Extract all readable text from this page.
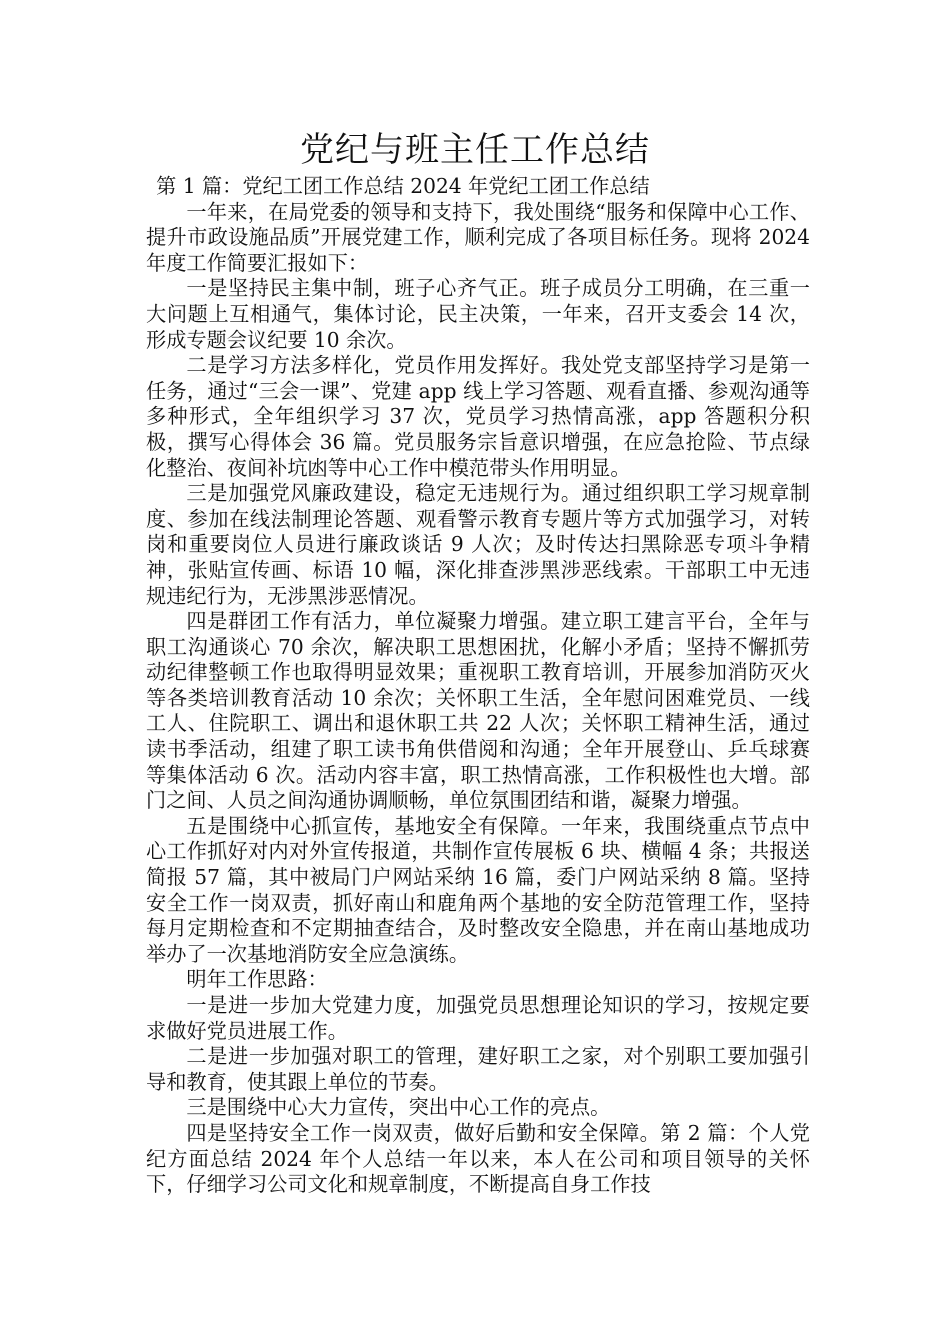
党纪与班主任工作总结

第 1 篇：党纪工团工作总结 2024 年党纪工团工作总结

一年来，在局党委的领导和支持下，我处围绕“服务和保障中心工作、提升市政设施品质”开展党建工作，顺利完成了各项目标任务。现将 2024 年度工作简要汇报如下：

一是坚持民主集中制，班子心齐气正。班子成员分工明确，在三重一大问题上互相通气，集体讨论，民主决策，一年来，召开支委会 14 次，形成专题会议纪要 10 余次。

二是学习方法多样化，党员作用发挥好。我处党支部坚持学习是第一任务，通过“三会一课”、党建 app 线上学习答题、观看直播、参观沟通等多种形式，全年组织学习 37 次，党员学习热情高涨，app 答题积分积极，撰写心得体会 36 篇。党员服务宗旨意识增强，在应急抢险、节点绿化整治、夜间补坑凼等中心工作中模范带头作用明显。

三是加强党风廉政建设，稳定无违规行为。通过组织职工学习规章制度、参加在线法制理论答题、观看警示教育专题片等方式加强学习，对转岗和重要岗位人员进行廉政谈话 9 人次；及时传达扫黑除恶专项斗争精神，张贴宣传画、标语 10 幅，深化排查涉黑涉恶线索。干部职工中无违规违纪行为，无涉黑涉恶情况。

四是群团工作有活力，单位凝聚力增强。建立职工建言平台，全年与职工沟通谈心 70 余次，解决职工思想困扰，化解小矛盾；坚持不懈抓劳动纪律整顿工作也取得明显效果；重视职工教育培训，开展参加消防灭火等各类培训教育活动 10 余次；关怀职工生活，全年慰问困难党员、一线工人、住院职工、调出和退休职工共 22 人次；关怀职工精神生活，通过读书季活动，组建了职工读书角供借阅和沟通；全年开展登山、乒乓球赛等集体活动 6 次。活动内容丰富，职工热情高涨，工作积极性也大增。部门之间、人员之间沟通协调顺畅，单位氛围团结和谐，凝聚力增强。

五是围绕中心抓宣传，基地安全有保障。一年来，我围绕重点节点中心工作抓好对内对外宣传报道，共制作宣传展板 6 块、横幅 4 条；共报送简报 57 篇，其中被局门户网站采纳 16 篇，委门户网站采纳 8 篇。坚持安全工作一岗双责，抓好南山和鹿角两个基地的安全防范管理工作，坚持每月定期检查和不定期抽查结合，及时整改安全隐患，并在南山基地成功举办了一次基地消防安全应急演练。

明年工作思路：

一是进一步加大党建力度，加强党员思想理论知识的学习，按规定要求做好党员进展工作。

二是进一步加强对职工的管理，建好职工之家，对个别职工要加强引导和教育，使其跟上单位的节奏。

三是围绕中心大力宣传，突出中心工作的亮点。

四是坚持安全工作一岗双责，做好后勤和安全保障。第 2 篇：个人党纪方面总结 2024 年个人总结一年以来，本人在公司和项目领导的关怀下，仔细学习公司文化和规章制度，不断提高自身工作技
